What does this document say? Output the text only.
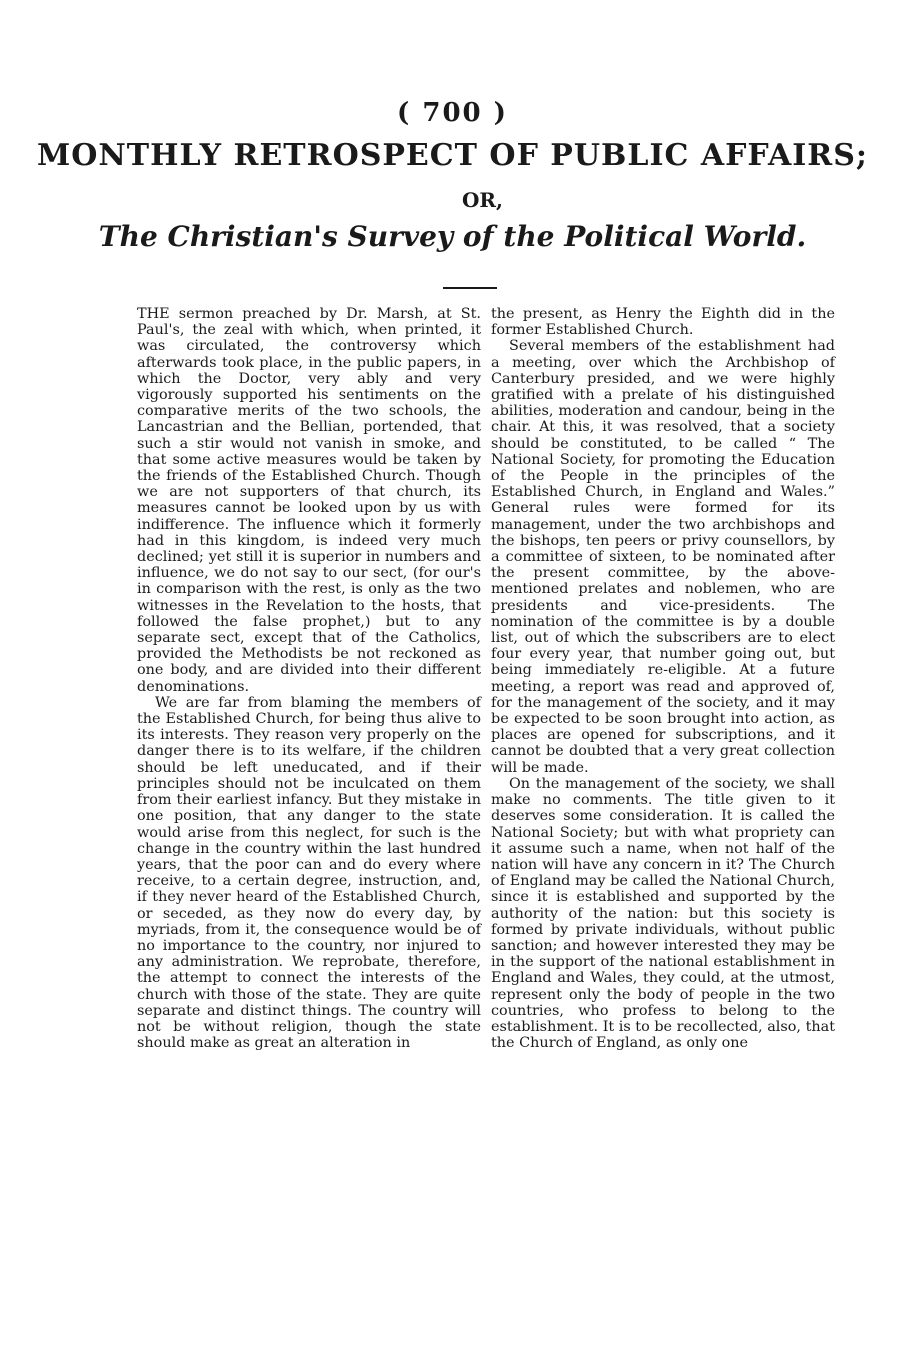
( 700 )
MONTHLY RETROSPECT OF PUBLIC AFFAIRS;
OR,
The Christian's Survey of the Political World.

THE sermon preached by Dr. Marsh, at St. Paul's, the zeal with which, when printed, it was circulated, the controversy which afterwards took place, in the public papers, in which the Doctor, very ably and very vigorously supported his sentiments on the comparative merits of the two schools, the Lancastrian and the Bellian, portended, that such a stir would not vanish in smoke, and that some active measures would be taken by the friends of the Established Church. Though we are not supporters of that church, its measures cannot be looked upon by us with indifference. The influence which it formerly had in this kingdom, is indeed very much declined; yet still it is superior in numbers and influence, we do not say to our sect, (for our's in comparison with the rest, is only as the two witnesses in the Revelation to the hosts, that followed the false prophet,) but to any separate sect, except that of the Catholics, provided the Methodists be not reckoned as one body, and are divided into their different denominations.

We are far from blaming the members of the Established Church, for being thus alive to its interests. They reason very properly on the danger there is to its welfare, if the children should be left uneducated, and if their principles should not be inculcated on them from their earliest infancy. But they mistake in one position, that any danger to the state would arise from this neglect, for such is the change in the country within the last hundred years, that the poor can and do every where receive, to a certain degree, instruction, and, if they never heard of the Established Church, or seceded, as they now do every day, by myriads, from it, the consequence would be of no importance to the country, nor injured to any administration. We reprobate, therefore, the attempt to connect the interests of the church with those of the state. They are quite separate and distinct things. The country will not be without religion, though the state should make as great an alteration in

the present, as Henry the Eighth did in the former Established Church.

Several members of the establishment had a meeting, over which the Archbishop of Canterbury presided, and we were highly gratified with a prelate of his distinguished abilities, moderation and candour, being in the chair. At this, it was resolved, that a society should be constituted, to be called “ The National Society, for promoting the Education of the People in the principles of the Established Church, in England and Wales.” General rules were formed for its management, under the two archbishops and the bishops, ten peers or privy counsellors, by a committee of sixteen, to be nominated after the present committee, by the above-mentioned prelates and noblemen, who are presidents and vice-presidents. The nomination of the committee is by a double list, out of which the subscribers are to elect four every year, that number going out, but being immediately re-eligible. At a future meeting, a report was read and approved of, for the management of the society, and it may be expected to be soon brought into action, as places are opened for subscriptions, and it cannot be doubted that a very great collection will be made.

On the management of the society, we shall make no comments. The title given to it deserves some consideration. It is called the National Society; but with what propriety can it assume such a name, when not half of the nation will have any concern in it? The Church of England may be called the National Church, since it is established and supported by the authority of the nation: but this society is formed by private individuals, without public sanction; and however interested they may be in the support of the national establishment in England and Wales, they could, at the utmost, represent only the body of people in the two countries, who profess to belong to the establishment. It is to be recollected, also, that the Church of England, as only one
